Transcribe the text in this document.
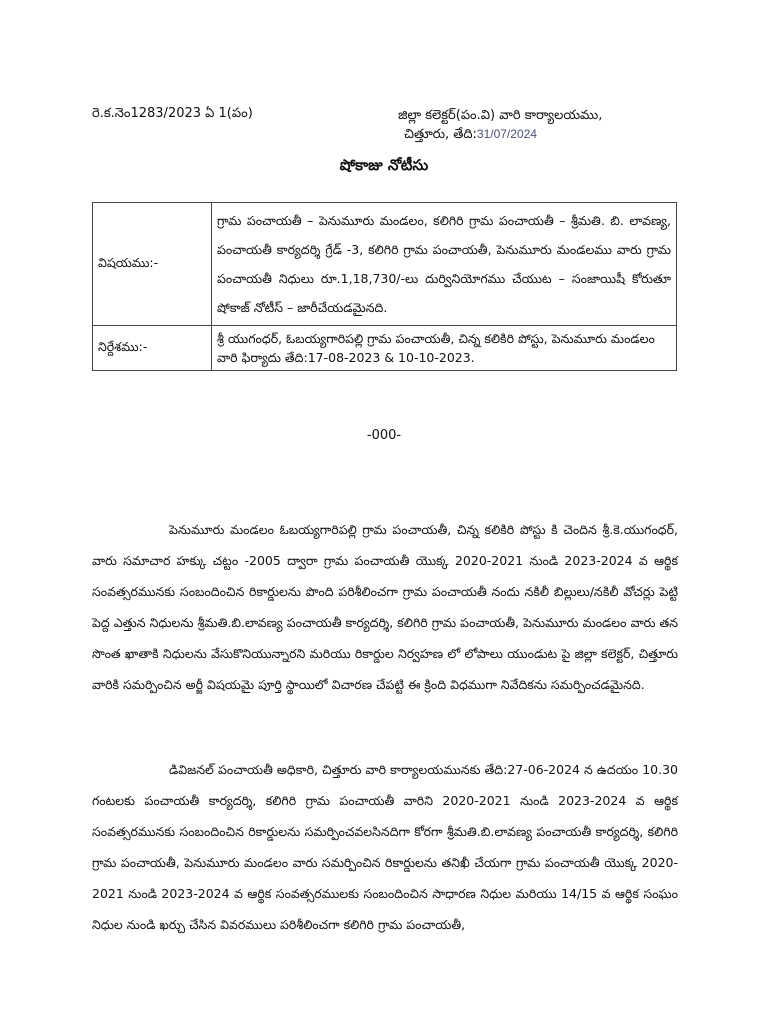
రె.క.నెం1283/2023 ఏ 1(పం)	జిల్లా కలెక్టర్(పం.వి) వారి కార్యాలయము,
చిత్తూరు, తేది:31/07/2024
షోకాజు నోటీసు
విషయము:-	గ్రామ పంచాయతీ – పెనుమూరు మండలం, కలిగిరి గ్రామ పంచాయతీ – శ్రీమతి. బి. లావణ్య, పంచాయతీ కార్యదర్శి గ్రేడ్ -3, కలిగిరి గ్రామ పంచాయతీ, పెనుమూరు మండలము వారు గ్రామ పంచాయతీ నిధులు రూ.1,18,730/-లు దుర్వినియోగము చేయుట – సంజాయిషీ కోరుతూ షోకాజ్ నోటీస్ – జారీచేయడమైనది.
నిర్దేశము:-	శ్రీ యుగంధర్, ఓబయ్యగారిపల్లి గ్రామ పంచాయతీ, చిన్న కలికిరి పోస్టు, పెనుమూరు మండలం వారి ఫిర్యాదు తేది:17-08-2023 & 10-10-2023.
-000-
పెనుమూరు మండలం ఓబయ్యగారిపల్లి గ్రామ పంచాయతీ, చిన్న కలికిరి పోస్టు కి చెందిన శ్రీ.కె.యుగంధర్, వారు సమాచార హక్కు చట్టం -2005 ద్వారా గ్రామ పంచాయతీ యొక్క 2020-2021 నుండి 2023-2024 వ ఆర్థిక సంవత్సరమునకు సంబందించిన రికార్డులను పొంది పరిశీలించగా గ్రామ పంచాయతీ నందు నకిలీ బిల్లులు/నకిలీ వోచర్లు పెట్టి పెద్ద ఎత్తున నిధులను శ్రీమతి.బి.లావణ్య పంచాయతీ కార్యదర్శి, కలిగిరి గ్రామ పంచాయతీ, పెనుమూరు మండలం వారు తన సొంత ఖాతాకి నిధులను వేసుకొనియున్నారని మరియు రికార్డుల నిర్వహణ లో లోపాలు యుండుట పై జిల్లా కలెక్టర్, చిత్తూరు వారికి సమర్పించిన అర్జీ విషయమై పూర్తి స్థాయిలో విచారణ చేపట్టి ఈ క్రింది విధముగా నివేదికను సమర్పించడమైనది.
డివిజనల్ పంచాయతీ అధికారి, చిత్తూరు వారి కార్యాలయమునకు తేది:27-06-2024 న ఉదయం 10.30 గంటలకు పంచాయతీ కార్యదర్శి, కలిగిరి గ్రామ పంచాయతీ వారిని 2020-2021 నుండి 2023-2024 వ ఆర్థిక సంవత్సరమునకు సంబందించిన రికార్డులను సమర్పించవలసినదిగా కోరగా శ్రీమతి.బి.లావణ్య పంచాయతీ కార్యదర్శి, కలిగిరి గ్రామ పంచాయతీ, పెనుమూరు మండలం వారు సమర్పించిన రికార్డులను తనిఖీ చేయగా గ్రామ పంచాయతీ యొక్క 2020-2021 నుండి 2023-2024 వ ఆర్థిక సంవత్సరములకు సంబందించిన సాధారణ నిధుల మరియు 14/15 వ ఆర్థిక సంఘం నిధుల నుండి ఖర్చు చేసిన వివరములు పరిశీలించగా కలిగిరి గ్రామ పంచాయతీ,
